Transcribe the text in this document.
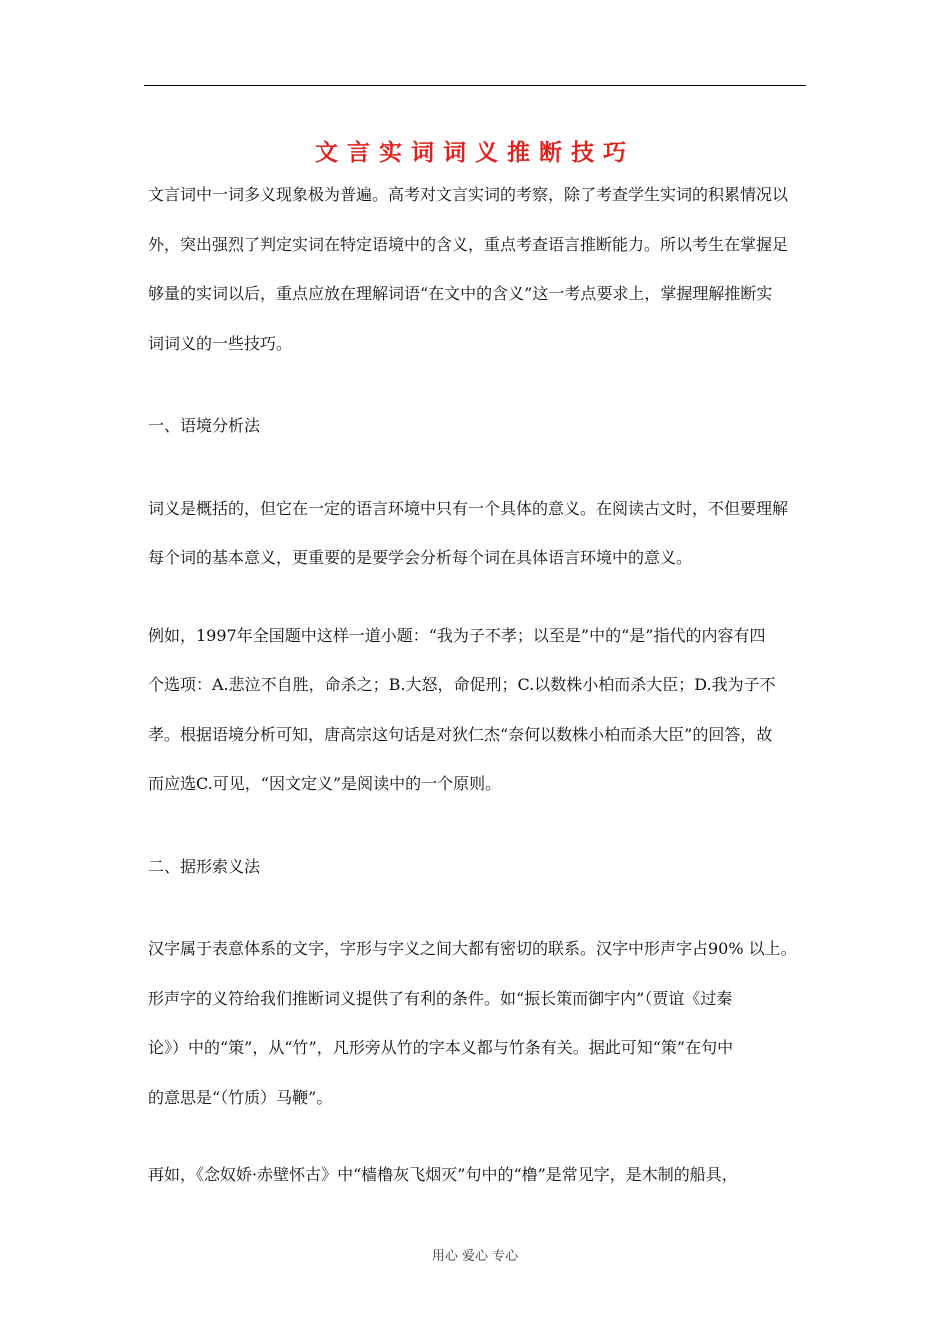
文言实词词义推断技巧

文言词中一词多义现象极为普遍。高考对文言实词的考察，除了考查学生实词的积累情况以

外，突出强烈了判定实词在特定语境中的含义，重点考查语言推断能力。所以考生在掌握足

够量的实词以后，重点应放在理解词语“在文中的含义”这一考点要求上，掌握理解推断实

词词义的一些技巧。

一、语境分析法

词义是概括的，但它在一定的语言环境中只有一个具体的意义。在阅读古文时，不但要理解

每个词的基本意义，更重要的是要学会分析每个词在具体语言环境中的意义。

例如，1997年全国题中这样一道小题：“我为子不孝；以至是”中的“是”指代的内容有四

个选项：A.悲泣不自胜，命杀之；B.大怒，命促刑；C.以数株小柏而杀大臣；D.我为子不

孝。根据语境分析可知，唐高宗这句话是对狄仁杰“奈何以数株小柏而杀大臣”的回答，故

而应选C.可见，“因文定义”是阅读中的一个原则。

二、据形索义法

汉字属于表意体系的文字，字形与字义之间大都有密切的联系。汉字中形声字占90% 以上。

形声字的义符给我们推断词义提供了有利的条件。如“振长策而御宇内”（贾谊《过秦

论》）中的“策”，从“竹”，凡形旁从竹的字本义都与竹条有关。据此可知“策”在句中

的意思是“（竹质）马鞭”。

再如，《念奴娇·赤壁怀古》中“樯橹灰飞烟灭”句中的“橹”是常见字，是木制的船具，

用心 爱心 专心
